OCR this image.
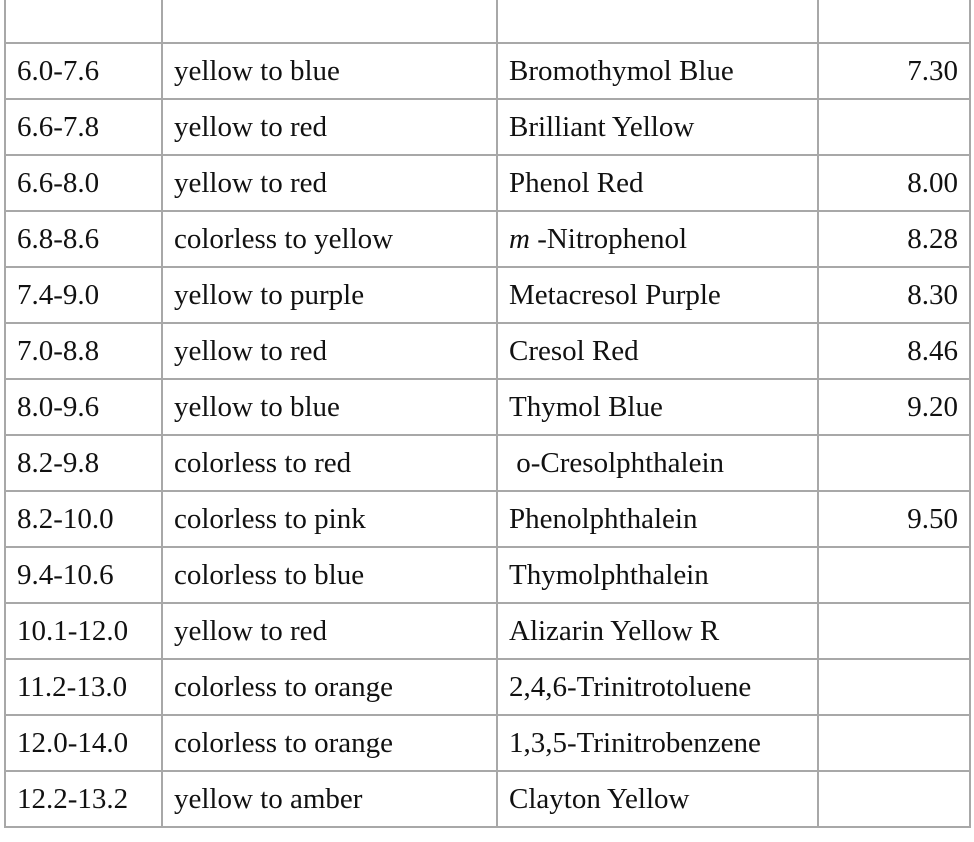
6.0-7.6	yellow to blue	Bromothymol Blue	7.30
6.6-7.8	yellow to red	Brilliant Yellow	
6.6-8.0	yellow to red	Phenol Red	8.00
6.8-8.6	colorless to yellow	m -Nitrophenol	8.28
7.4-9.0	yellow to purple	Metacresol Purple	8.30
7.0-8.8	yellow to red	Cresol Red	8.46
8.0-9.6	yellow to blue	Thymol Blue	9.20
8.2-9.8	colorless to red	o-Cresolphthalein	
8.2-10.0	colorless to pink	Phenolphthalein	9.50
9.4-10.6	colorless to blue	Thymolphthalein	
10.1-12.0	yellow to red	Alizarin Yellow R	
11.2-13.0	colorless to orange	2,4,6-Trinitrotoluene	
12.0-14.0	colorless to orange	1,3,5-Trinitrobenzene	
12.2-13.2	yellow to amber	Clayton Yellow	
